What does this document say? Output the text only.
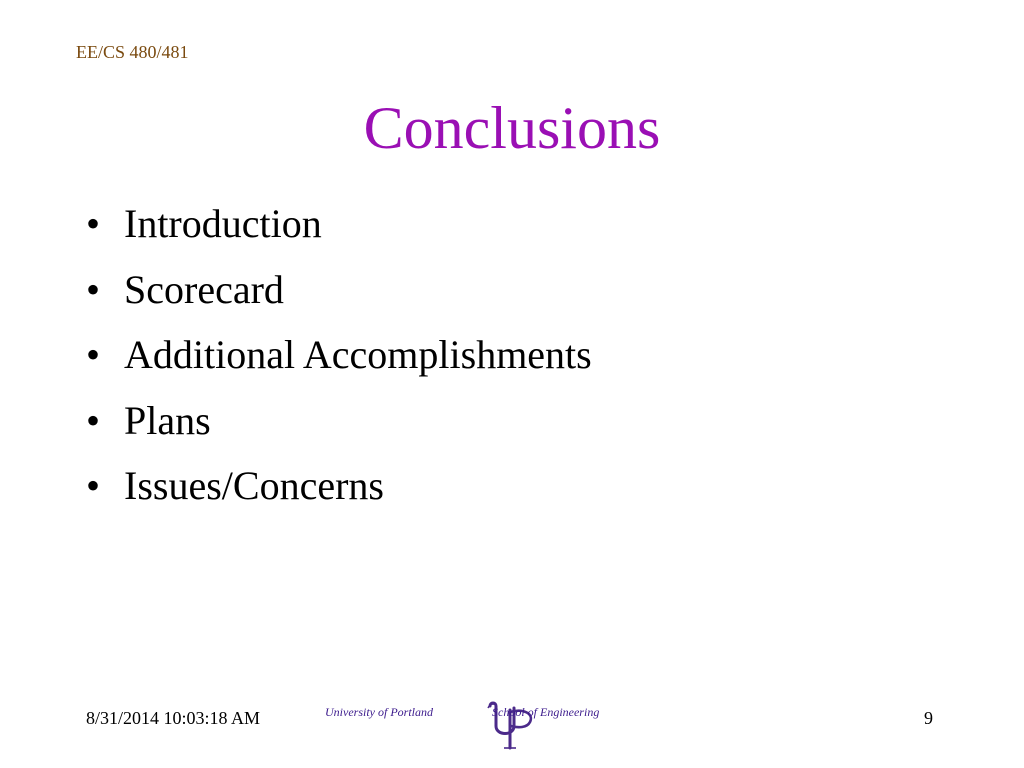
EE/CS 480/481
Conclusions
• Introduction
• Scorecard
• Additional Accomplishments
• Plans
• Issues/Concerns
8/31/2014 10:03:18 AM	University of Portland	School of Engineering	9
